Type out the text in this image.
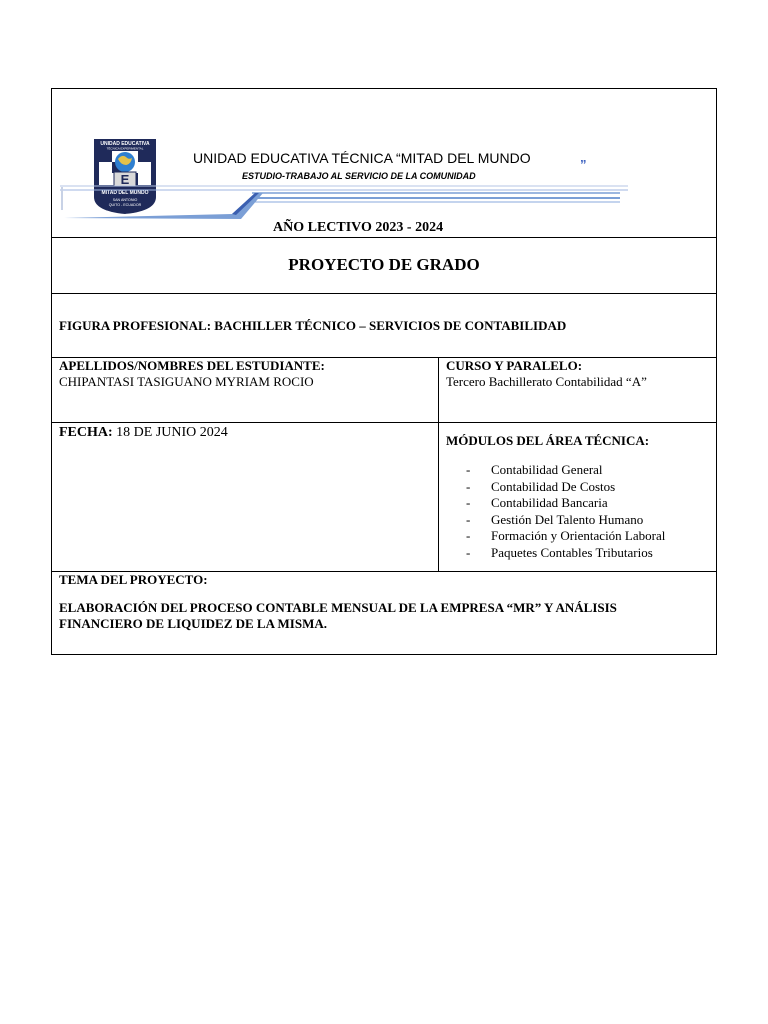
E
UNIDAD EDUCATIVA
TÉCNICA EXPERIMENTAL
MITAD DEL MUNDO
SAN ANTONIO
QUITO - ECUADOR
UNIDAD EDUCATIVA TÉCNICA “MITAD DEL MUNDO	”
ESTUDIO-TRABAJO AL SERVICIO DE LA COMUNIDAD
AÑO LECTIVO 2023 - 2024
PROYECTO DE GRADO
FIGURA PROFESIONAL: BACHILLER TÉCNICO – SERVICIOS DE CONTABILIDAD
APELLIDOS/NOMBRES DEL ESTUDIANTE:
CHIPANTASI TASIGUANO MYRIAM ROCIO
CURSO Y PARALELO:
Tercero Bachillerato Contabilidad “A”
FECHA: 18 DE JUNIO 2024
MÓDULOS DEL ÁREA TÉCNICA:
- Contabilidad General
- Contabilidad De Costos
- Contabilidad Bancaria
- Gestión Del Talento Humano
- Formación y Orientación Laboral
- Paquetes Contables Tributarios
TEMA DEL PROYECTO:
ELABORACIÓN DEL PROCESO CONTABLE MENSUAL DE LA EMPRESA “MR” Y ANÁLISIS FINANCIERO DE LIQUIDEZ DE LA MISMA.
